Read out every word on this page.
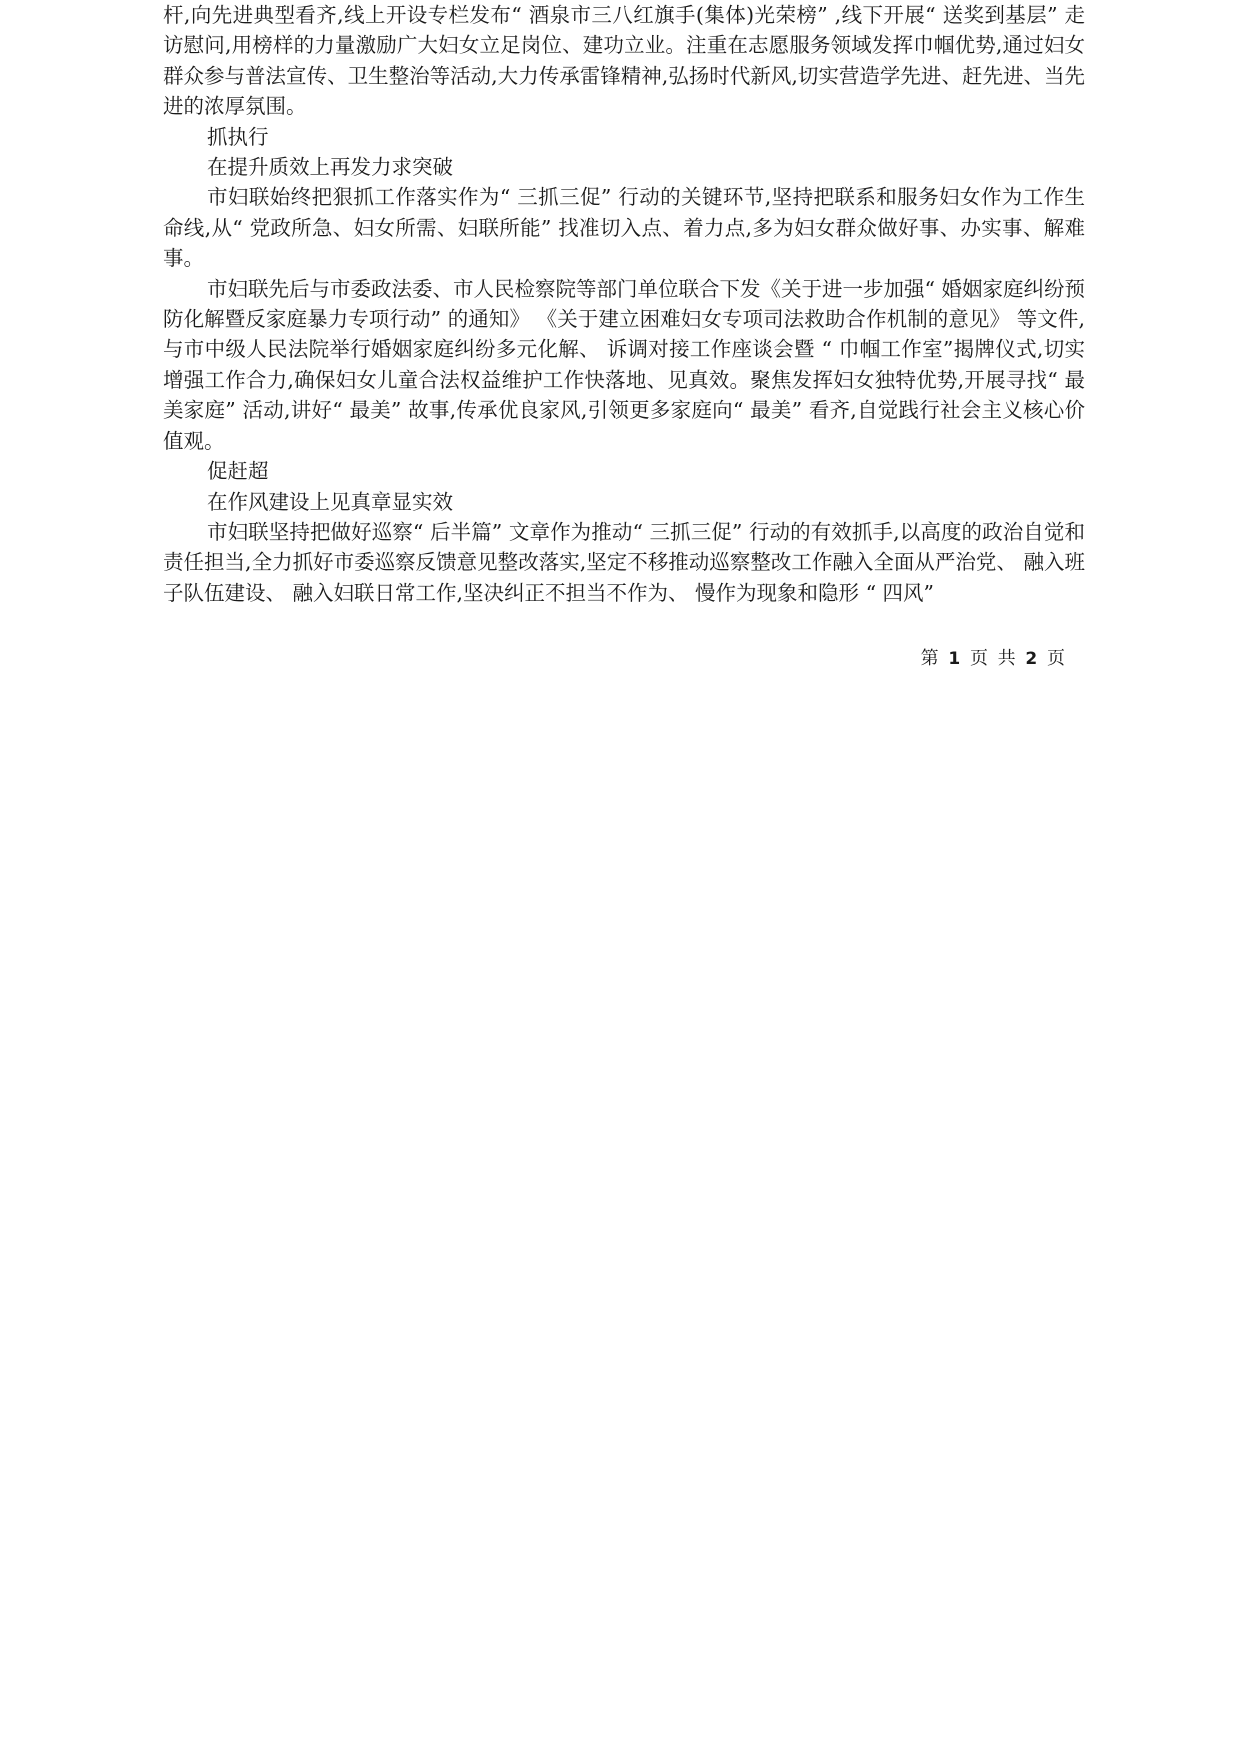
杆,向先进典型看齐,线上开设专栏发布“ 酒泉市三八红旗手(集体)光荣榜” ,线下开展“ 送奖到基层” 走访慰问,用榜样的力量激励广大妇女立足岗位、建功立业。注重在志愿服务领域发挥巾帼优势,通过妇女群众参与普法宣传、卫生整治等活动,大力传承雷锋精神,弘扬时代新风,切实营造学先进、赶先进、当先进的浓厚氛围。

抓执行

在提升质效上再发力求突破

市妇联始终把狠抓工作落实作为“ 三抓三促” 行动的关键环节,坚持把联系和服务妇女作为工作生命线,从“ 党政所急、妇女所需、妇联所能” 找准切入点、着力点,多为妇女群众做好事、办实事、解难事。

市妇联先后与市委政法委、市人民检察院等部门单位联合下发《关于进一步加强“ 婚姻家庭纠纷预防化解暨反家庭暴力专项行动” 的通知》 《关于建立困难妇女专项司法救助合作机制的意见》 等文件,与市中级人民法院举行婚姻家庭纠纷多元化解、 诉调对接工作座谈会暨 “ 巾帼工作室”揭牌仪式,切实增强工作合力,确保妇女儿童合法权益维护工作快落地、见真效。聚焦发挥妇女独特优势,开展寻找“ 最美家庭” 活动,讲好“ 最美” 故事,传承优良家风,引领更多家庭向“ 最美” 看齐,自觉践行社会主义核心价值观。

促赶超

在作风建设上见真章显实效

市妇联坚持把做好巡察“ 后半篇” 文章作为推动“ 三抓三促” 行动的有效抓手,以高度的政治自觉和责任担当,全力抓好市委巡察反馈意见整改落实,坚定不移推动巡察整改工作融入全面从严治党、 融入班子队伍建设、 融入妇联日常工作,坚决纠正不担当不作为、 慢作为现象和隐形 “ 四风”

第 1 页 共 2 页
